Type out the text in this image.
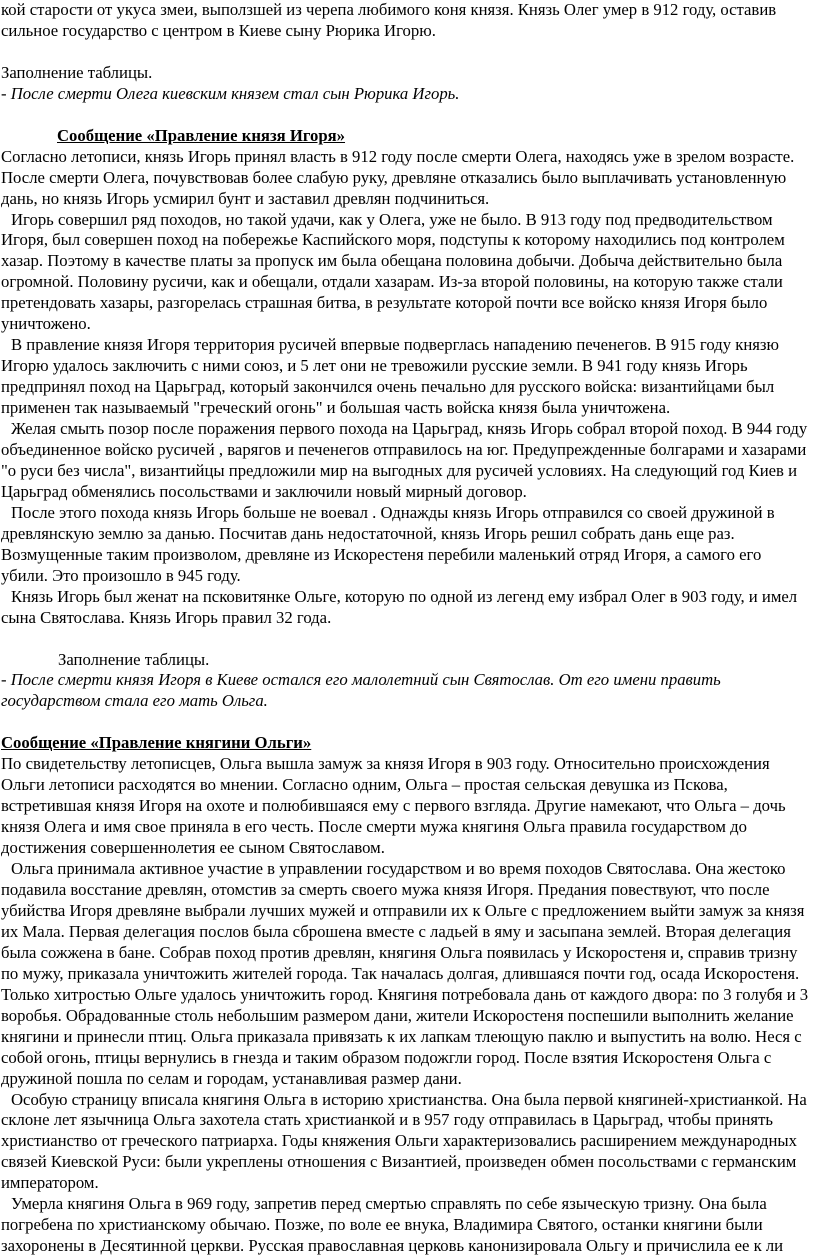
кой старости от укуса змеи, выползшей из черепа любимого коня князя. Князь Олег умер в 912 году, оставив сильное государство с центром в Киеве сыну Рюрика Игорю.

Заполнение таблицы.

- После смерти Олега киевским князем стал сын Рюрика Игорь.

Сообщение «Правление князя Игоря»

Согласно летописи, князь Игорь принял власть в 912 году после смерти Олега, находясь уже в зрелом возрасте. После смерти Олега, почувствовав более слабую руку, древляне отказались было выплачивать установленную дань, но князь Игорь усмирил бунт и заставил древлян подчиниться.

Игорь совершил ряд походов, но такой удачи, как у Олега, уже не было. В 913 году под предводительством Игоря, был совершен поход на побережье Каспийского моря, подступы к которому находились под контролем хазар. Поэтому в качестве платы за пропуск им была обещана половина добычи. Добыча действительно была огромной. Половину русичи, как и обещали, отдали хазарам. Из-за второй половины, на которую также стали претендовать хазары, разгорелась страшная битва, в результате которой почти все войско князя Игоря было уничтожено.

В правление князя Игоря территория русичей впервые подверглась нападению печенегов. В 915 году князю Игорю удалось заключить с ними союз, и 5 лет они не тревожили русские земли. В 941 году князь Игорь предпринял поход на Царьград, который закончился очень печально для русского войска: византийцами был применен так называемый "греческий огонь" и большая часть войска князя была уничтожена.

Желая смыть позор после поражения первого похода на Царьград, князь Игорь собрал второй поход. В 944 году объединенное войско русичей , варягов и печенегов отправилось на юг. Предупрежденные болгарами и хазарами "о руси без числа", византийцы предложили мир на выгодных для русичей условиях. На следующий год Киев и Царьград обменялись посольствами и заключили новый мирный договор.

После этого похода князь Игорь больше не воевал . Однажды князь Игорь отправился со своей дружиной в древлянскую землю за данью. Посчитав дань недостаточной, князь Игорь решил собрать дань еще раз. Возмущенные таким произволом, древляне из Искорестеня перебили маленький отряд Игоря, а самого его убили. Это произошло в 945 году.

Князь Игорь был женат на псковитянке Ольге, которую по одной из легенд ему избрал Олег в 903 году, и имел сына Святослава. Князь Игорь правил 32 года.

Заполнение таблицы.

- После смерти князя Игоря в Киеве остался его малолетний сын Святослав. От его имени править государством стала его мать Ольга.

Сообщение «Правление княгини Ольги»

По свидетельству летописцев, Ольга вышла замуж за князя Игоря в 903 году. Относительно происхождения Ольги летописи расходятся во мнении. Согласно одним, Ольга – простая сельская девушка из Пскова, встретившая князя Игоря на охоте и полюбившаяся ему с первого взгляда. Другие намекают, что Ольга – дочь князя Олега и имя свое приняла в его честь. После смерти мужа княгиня Ольга правила государством до достижения совершеннолетия ее сыном Святославом.

Ольга принимала активное участие в управлении государством и во время походов Святослава. Она жестоко подавила восстание древлян, отомстив за смерть своего мужа князя Игоря. Предания повествуют, что после убийства Игоря древляне выбрали лучших мужей и отправили их к Ольге с предложением выйти замуж за князя их Мала. Первая делегация послов была сброшена вместе с ладьей в яму и засыпана землей. Вторая делегация была сожжена в бане. Собрав поход против древлян, княгиня Ольга появилась у Искоростеня и, справив тризну по мужу, приказала уничтожить жителей города. Так началась долгая, длившаяся почти год, осада Искоростеня. Только хитростью Ольге удалось уничтожить город. Княгиня потребовала дань от каждого двора: по 3 голубя и 3 воробья. Обрадованные столь небольшим размером дани, жители Искоростеня поспешили выполнить желание княгини и принесли птиц. Ольга приказала привязать к их лапкам тлеющую паклю и выпустить на волю. Неся с собой огонь, птицы вернулись в гнезда и таким образом подожгли город. После взятия Искоростеня Ольга с дружиной пошла по селам и городам, устанавливая размер дани.

Особую страницу вписала княгиня Ольга в историю христианства. Она была первой княгиней-христианкой. На склоне лет язычница Ольга захотела стать христианкой и в 957 году отправилась в Царьград, чтобы принять христианство от греческого патриарха. Годы княжения Ольги характеризовались расширением международных связей Киевской Руси: были укреплены отношения с Византией, произведен обмен посольствами с германским императором.

Умерла княгиня Ольга в 969 году, запретив перед смертью справлять по себе языческую тризну. Она была погребена по христианскому обычаю. Позже, по воле ее внука, Владимира Святого, останки княгини были захоронены в Десятинной церкви. Русская православная церковь канонизировала Ольгу и причислила ее к ли
